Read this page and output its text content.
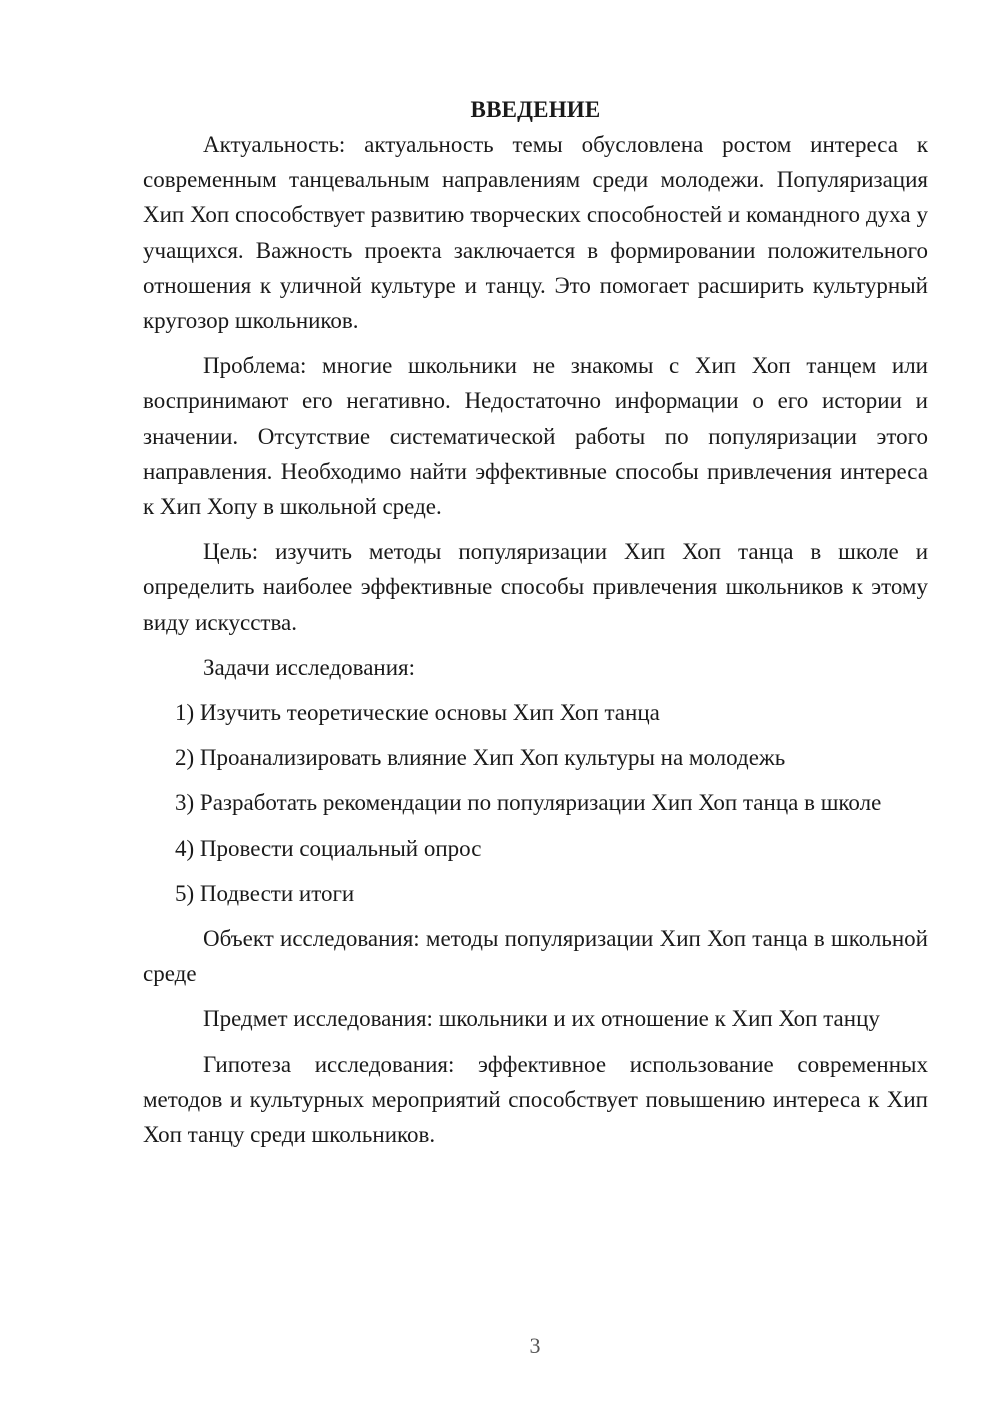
ВВЕДЕНИЕ

Актуальность: актуальность темы обусловлена ростом интереса к современным танцевальным направлениям среди молодежи. Популяризация Хип Хоп способствует развитию творческих способностей и командного духа у учащихся. Важность проекта заключается в формировании положительного отношения к уличной культуре и танцу. Это помогает расширить культурный кругозор школьников.

Проблема: многие школьники не знакомы с Хип Хоп танцем или воспринимают его негативно. Недостаточно информации о его истории и значении. Отсутствие систематической работы по популяризации этого направления. Необходимо найти эффективные способы привлечения интереса к Хип Хопу в школьной среде.

Цель: изучить методы популяризации Хип Хоп танца в школе и определить наиболее эффективные способы привлечения школьников к этому виду искусства.

Задачи исследования:

1) Изучить теоретические основы Хип Хоп танца

2) Проанализировать влияние Хип Хоп культуры на молодежь

3) Разработать рекомендации по популяризации Хип Хоп танца в школе

4) Провести социальный опрос

5) Подвести итоги

Объект исследования: методы популяризации Хип Хоп танца в школьной среде

Предмет исследования: школьники и их отношение к Хип Хоп танцу

Гипотеза исследования: эффективное использование современных методов и культурных мероприятий способствует повышению интереса к Хип Хоп танцу среди школьников.

3
